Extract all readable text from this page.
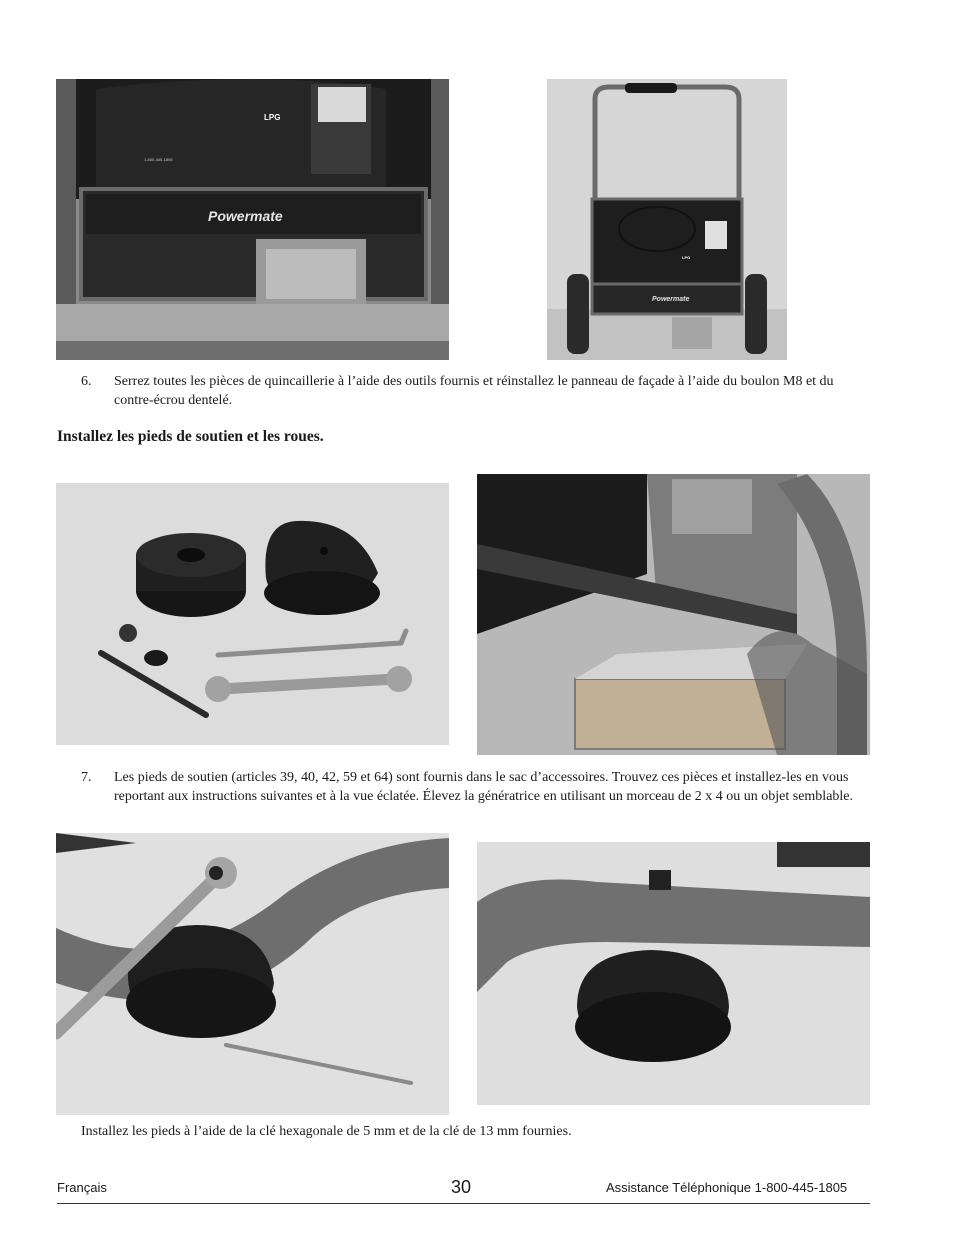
LPG
1-800-445-1805
Powermate
LPG
Powermate
6. Serrez toutes les pièces de quincaillerie à l’aide des outils fournis et réinstallez le panneau de façade à l’aide du boulon M8 et du contre-écrou dentelé.
Installez les pieds de soutien et les roues.
7. Les pieds de soutien (articles 39, 40, 42, 59 et 64) sont fournis dans le sac d’accessoires. Trouvez ces pièces et installez-les en vous reportant aux instructions suivantes et à la vue éclatée. Élevez la génératrice en utilisant un morceau de 2 x 4 ou un objet semblable.
Installez les pieds à l’aide de la clé hexagonale de 5 mm et de la clé de 13 mm fournies.
Français	30	Assistance Téléphonique 1-800-445-1805
